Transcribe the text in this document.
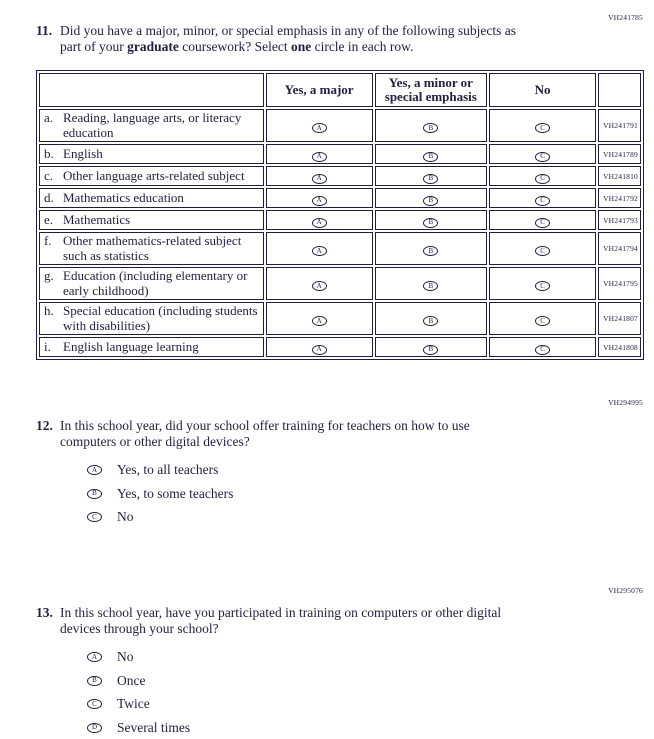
VH241785
VH294995
VH295076
11. Did you have a major, minor, or special emphasis in any of the following subjects as
part of your graduate coursework? Select one circle in each row.
	Yes, a major	Yes, a minor or special emphasis	No	

a. Reading, language arts, or literacy education	A	B	C	VH241791

b. English	A	B	C	VH241789

c. Other language arts-related subject	A	B	C	VH241810

d. Mathematics education	A	B	C	VH241792

e. Mathematics	A	B	C	VH241793

f. Other mathematics-related subject such as statistics	A	B	C	VH241794

g. Education (including elementary or early childhood)	A	B	C	VH241795

h. Special education (including students with disabilities)	A	B	C	VH241807

i. English language learning	A	B	C	VH241808
12. In this school year, did your school offer training for teachers on how to use
computers or other digital devices?
A	Yes, to all teachers
B	Yes, to some teachers
C	No
13. In this school year, have you participated in training on computers or other digital
devices through your school?
A	No
B	Once
C	Twice
D	Several times
